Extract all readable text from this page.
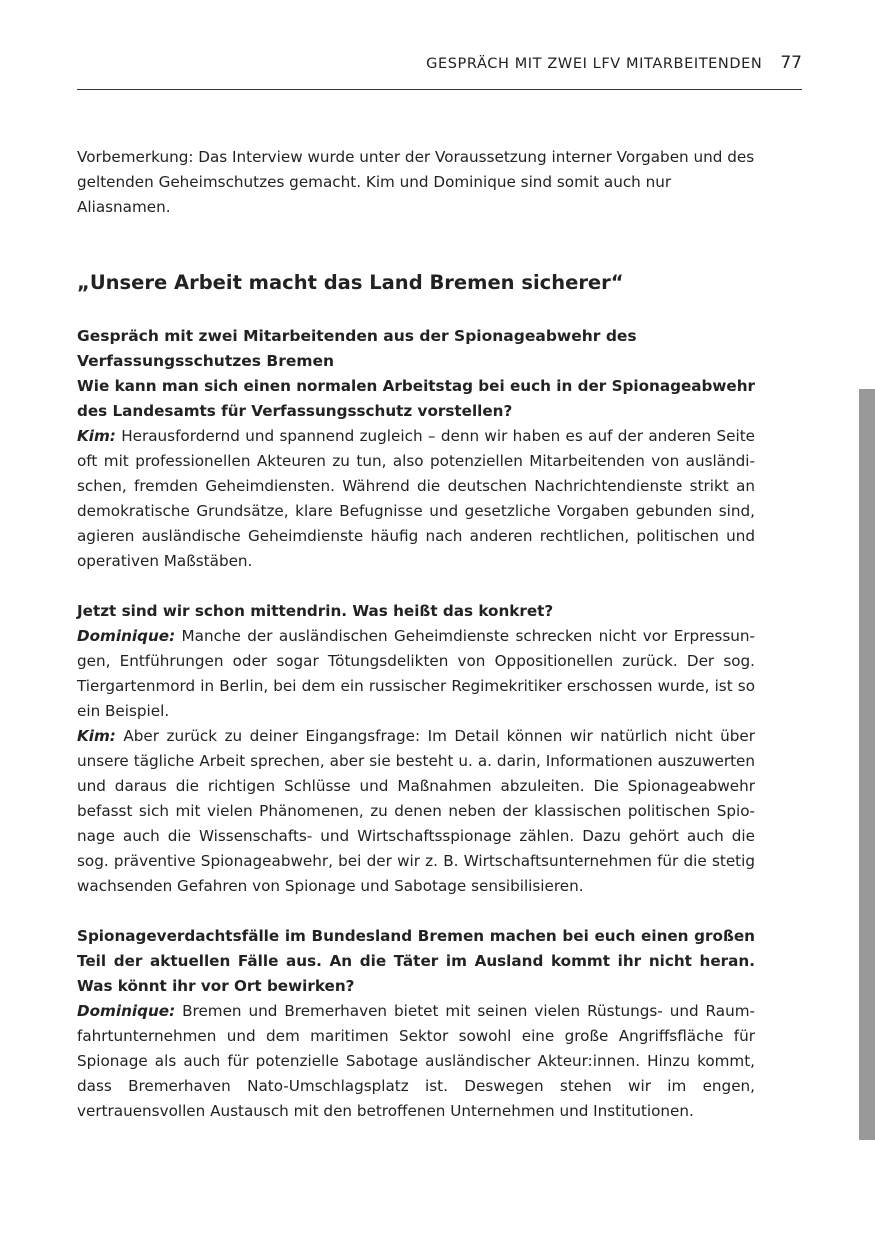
GESPRÄCH MIT ZWEI LFV MITARBEITENDEN 77

Vorbemerkung: Das Interview wurde unter der Voraussetzung interner Vorgaben und des geltenden Geheimschutzes gemacht. Kim und Dominique sind somit auch nur Aliasnamen.

„Unsere Arbeit macht das Land Bremen sicherer“

Gespräch mit zwei Mitarbeitenden aus der Spionageabwehr des Verfassungsschutzes Bremen

Wie kann man sich einen normalen Arbeitstag bei euch in der Spionageabwehr des Landesamts für Verfassungsschutz vorstellen?

Kim: Herausfordernd und spannend zugleich – denn wir haben es auf der anderen Seite oft mit professionellen Akteuren zu tun, also potenziellen Mitarbeitenden von ausländischen, fremden Geheimdiensten. Während die deutschen Nachrichtendienste strikt an demokratische Grundsätze, klare Befugnisse und gesetzliche Vorgaben gebunden sind, agieren ausländische Geheimdienste häufig nach anderen rechtlichen, politischen und operativen Maßstäben.

Jetzt sind wir schon mittendrin. Was heißt das konkret?

Dominique: Manche der ausländischen Geheimdienste schrecken nicht vor Erpressungen, Entführungen oder sogar Tötungsdelikten von Oppositionellen zurück. Der sog. Tiergartenmord in Berlin, bei dem ein russischer Regimekritiker erschossen wurde, ist so ein Beispiel.

Kim: Aber zurück zu deiner Eingangsfrage: Im Detail können wir natürlich nicht über unsere tägliche Arbeit sprechen, aber sie besteht u. a. darin, Informationen auszuwerten und daraus die richtigen Schlüsse und Maßnahmen abzuleiten. Die Spionageabwehr befasst sich mit vielen Phänomenen, zu denen neben der klassischen politischen Spionage auch die Wissenschafts- und Wirtschaftsspionage zählen. Dazu gehört auch die sog. präventive Spionageabwehr, bei der wir z. B. Wirtschaftsunternehmen für die stetig wachsenden Gefahren von Spionage und Sabotage sensibilisieren.

Spionageverdachtsfälle im Bundesland Bremen machen bei euch einen großen Teil der aktuellen Fälle aus. An die Täter im Ausland kommt ihr nicht heran. Was könnt ihr vor Ort bewirken?

Dominique: Bremen und Bremerhaven bietet mit seinen vielen Rüstungs- und Raumfahrtunternehmen und dem maritimen Sektor sowohl eine große Angriffsfläche für Spionage als auch für potenzielle Sabotage ausländischer Akteur:innen. Hinzu kommt, dass Bremerhaven Nato-Umschlagsplatz ist. Deswegen stehen wir im engen, vertrauensvollen Austausch mit den betroffenen Unternehmen und Institutionen.
